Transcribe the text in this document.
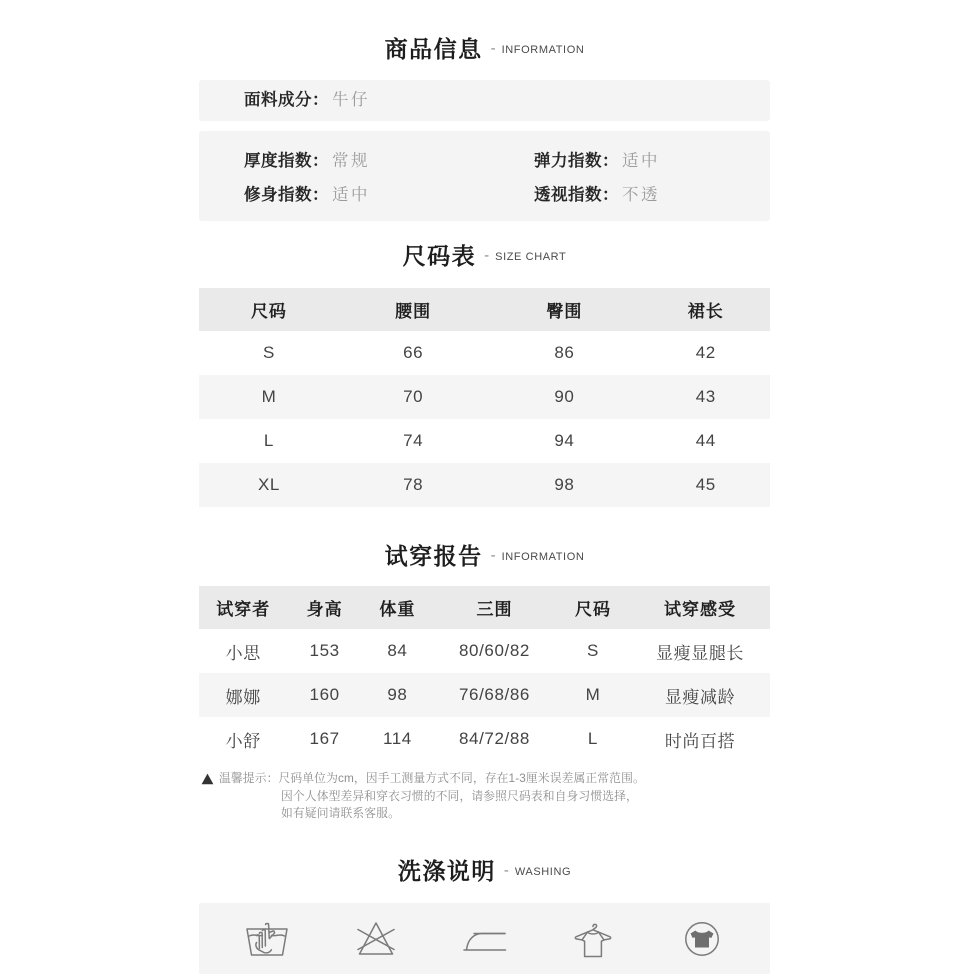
商品信息 - INFORMATION
面料成分： 牛仔
厚度指数： 常规	弹力指数： 适中
修身指数： 适中	透视指数： 不透
尺码表 - SIZE CHART
尺码	腰围	臀围	裙长
S	66	86	42
M	70	90	43
L	74	94	44
XL	78	98	45
试穿报告 - INFORMATION
试穿者	身高	体重	三围	尺码	试穿感受
小思	153	84	80/60/82	S	显瘦显腿长
娜娜	160	98	76/68/86	M	显瘦减龄
小舒	167	114	84/72/88	L	时尚百搭
温馨提示：尺码单位为cm，因手工测量方式不同，存在1-3厘米误差属正常范围。
因个人体型差异和穿衣习惯的不同，请参照尺码表和自身习惯选择，
如有疑问请联系客服。
洗涤说明 - WASHING
